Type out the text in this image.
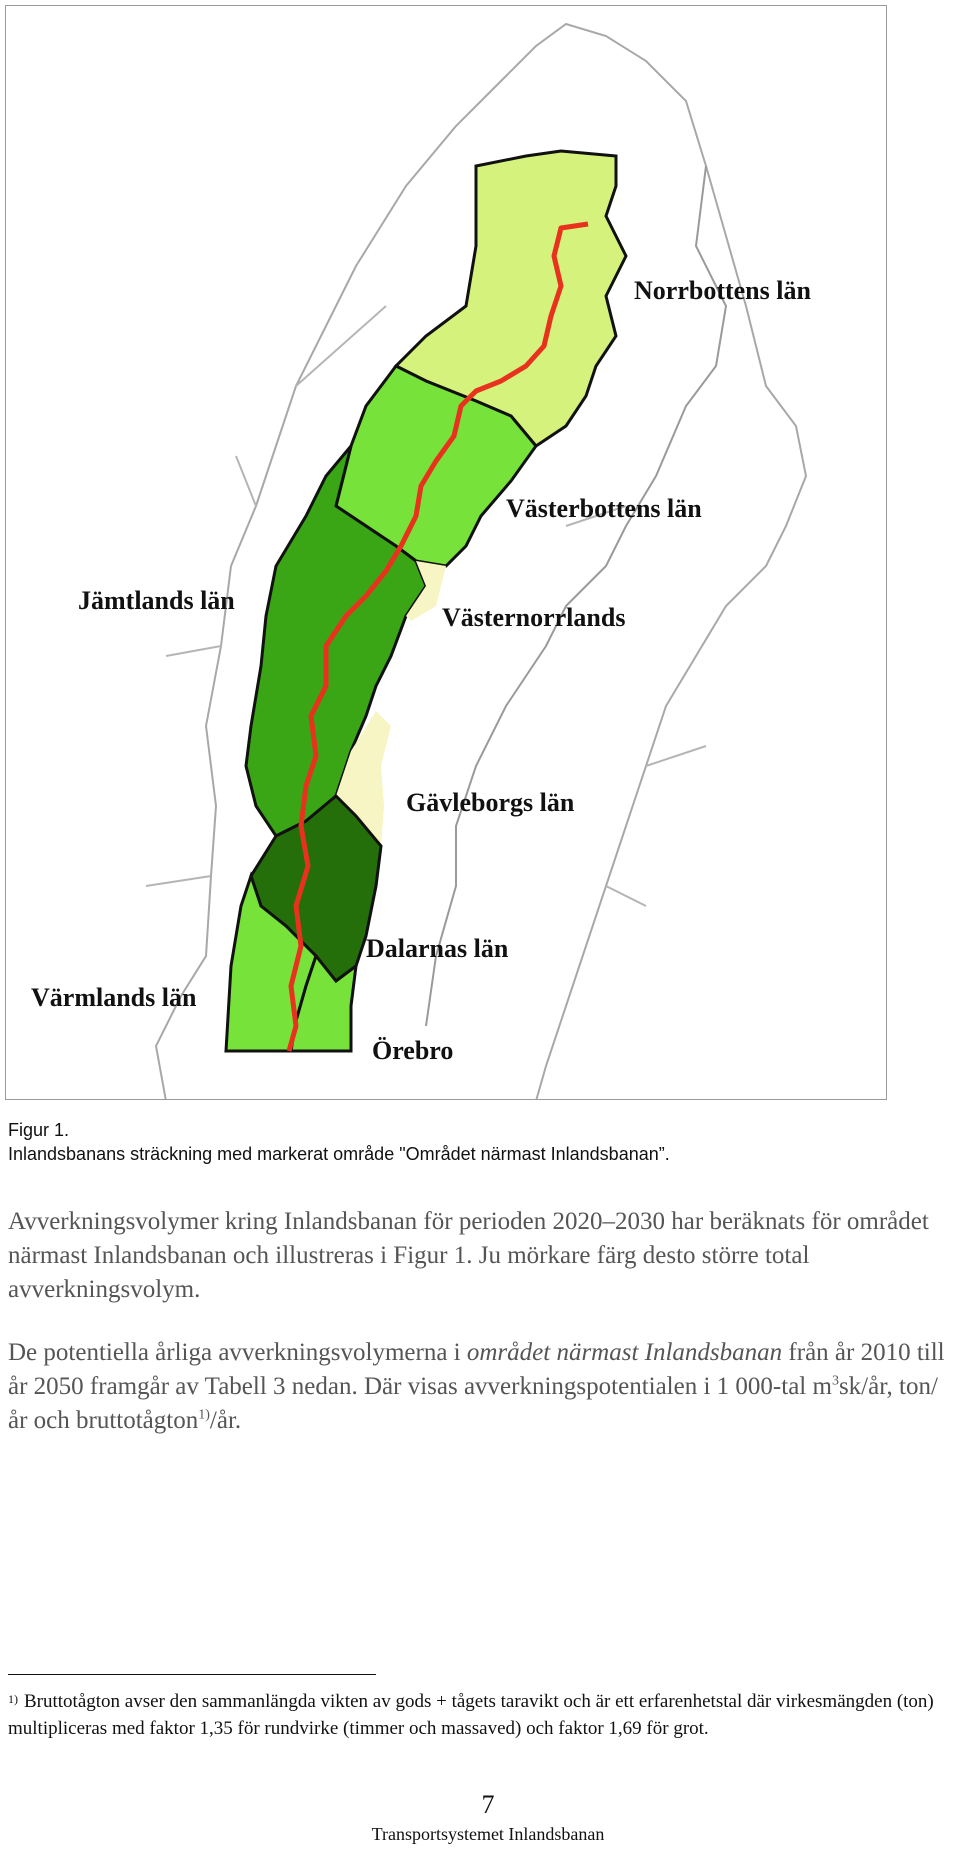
Norrbottens län
Västerbottens län
Jämtlands län
Västernorrlands
Gävleborgs län
Dalarnas län
Värmlands län
Örebro
Figur 1.
Inlandsbanans sträckning med markerat område "Området närmast Inlandsbanan”.

Avverkningsvolymer kring Inlandsbanan för perioden 2020–2030 har beräknats för området närmast Inlandsbanan och illustreras i Figur 1. Ju mörkare färg desto större total avverkningsvolym.

De potentiella årliga avverkningsvolymerna i området närmast Inlandsbanan från år 2010 till år 2050 framgår av Tabell 3 nedan. Där visas avverkningspotentialen i 1 000-tal $m^3sk/år$, ton/ år och bruttotågton$^{1)}$/år.

$^{1)}$ Bruttotågton avser den sammanlängda vikten av gods + tågets taravikt och är ett erfarenhetstal där virkesmängden (ton) multipliceras med faktor 1,35 för rundvirke (timmer och massaved) och faktor 1,69 för grot.
7
Transportsystemet Inlandsbanan
